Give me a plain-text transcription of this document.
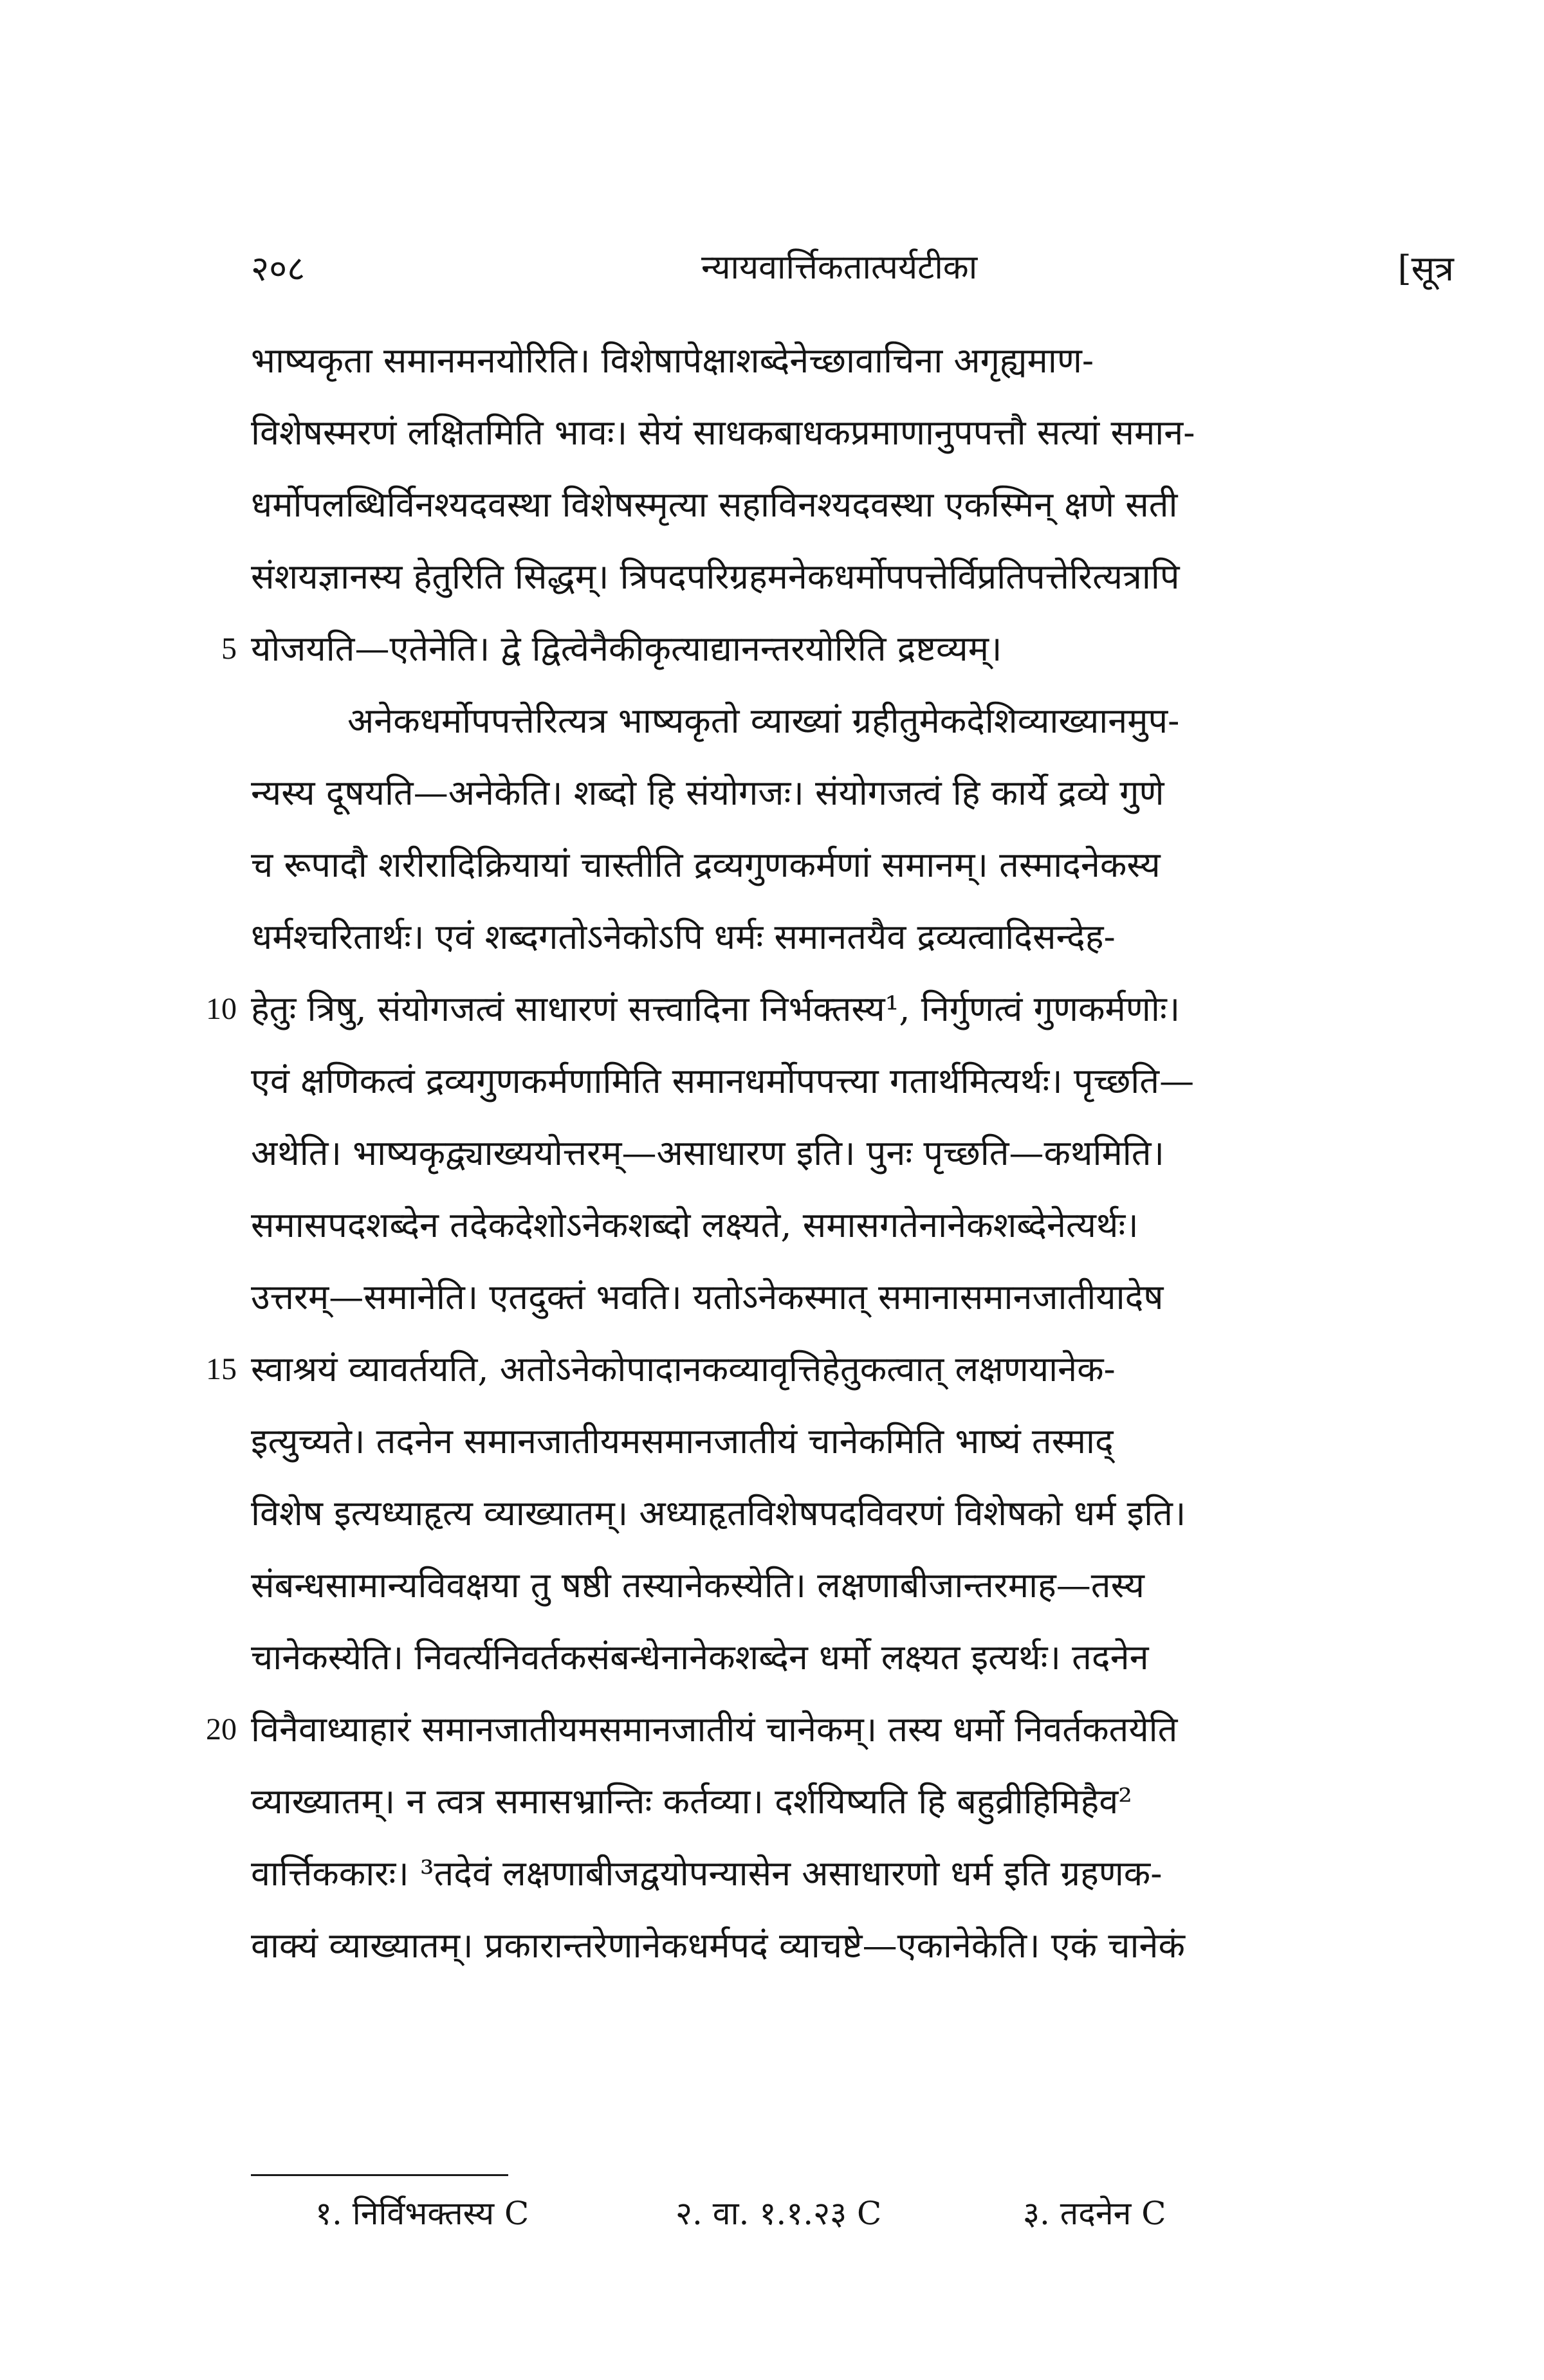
२०८	न्यायवार्त्तिकतात्पर्यटीका	[सूत्र
भाष्यकृता समानमनयोरिति। विशेषापेक्षाशब्देनेच्छावाचिना अगृह्यमाण-
विशेषस्मरणं लक्षितमिति भावः। सेयं साधकबाधकप्रमाणानुपपत्तौ सत्यां समान-
धर्मोपलब्धिर्विनश्यदवस्था विशेषस्मृत्या सहाविनश्यदवस्था एकस्मिन् क्षणे सती
संशयज्ञानस्य हेतुरिति सिद्धम्। त्रिपदपरिग्रहमनेकधर्मोपपत्तेर्विप्रतिपत्तेरित्यत्रापि
5 योजयति—एतेनेति। द्वे द्वित्वेनैकीकृत्याद्यानन्तरयोरिति द्रष्टव्यम्।
अनेकधर्मोपपत्तेरित्यत्र भाष्यकृतो व्याख्यां ग्रहीतुमेकदेशिव्याख्यानमुप-
न्यस्य दूषयति—अनेकेति। शब्दो हि संयोगजः। संयोगजत्वं हि कार्ये द्रव्ये गुणे
च रूपादौ शरीरादिक्रियायां चास्तीति द्रव्यगुणकर्मणां समानम्। तस्मादनेकस्य
धर्मश्चरितार्थः। एवं शब्दगतोऽनेकोऽपि धर्मः समानतयैव द्रव्यत्वादिसन्देह-
10 हेतुः त्रिषु, संयोगजत्वं साधारणं सत्त्वादिना निर्भक्तस्य¹, निर्गुणत्वं गुणकर्मणोः।
एवं क्षणिकत्वं द्रव्यगुणकर्मणामिति समानधर्मोपपत्त्या गतार्थमित्यर्थः। पृच्छति—
अथेति। भाष्यकृद्व्याख्ययोत्तरम्—असाधारण इति। पुनः पृच्छति—कथमिति।
समासपदशब्देन तदेकदेशोऽनेकशब्दो लक्ष्यते, समासगतेनानेकशब्देनेत्यर्थः।
उत्तरम्—समानेति। एतदुक्तं भवति। यतोऽनेकस्मात् समानासमानजातीयादेष
15 स्वाश्रयं व्यावर्तयति, अतोऽनेकोपादानकव्यावृत्तिहेतुकत्वात् लक्षणयानेक-
इत्युच्यते। तदनेन समानजातीयमसमानजातीयं चानेकमिति भाष्यं तस्माद्
विशेष इत्यध्याहृत्य व्याख्यातम्। अध्याहृतविशेषपदविवरणं विशेषको धर्म इति।
संबन्धसामान्यविवक्षया तु षष्ठी तस्यानेकस्येति। लक्षणाबीजान्तरमाह—तस्य
चानेकस्येति। निवर्त्यनिवर्तकसंबन्धेनानेकशब्देन धर्मो लक्ष्यत इत्यर्थः। तदनेन
20 विनैवाध्याहारं समानजातीयमसमानजातीयं चानेकम्। तस्य धर्मो निवर्तकतयेति
व्याख्यातम्। न त्वत्र समासभ्रान्तिः कर्तव्या। दर्शयिष्यति हि बहुव्रीहिमिहैव²
वार्त्तिककारः। ³तदेवं लक्षणाबीजद्वयोपन्यासेन असाधारणो धर्म इति ग्रहणक-
वाक्यं व्याख्यातम्। प्रकारान्तरेणानेकधर्मपदं व्याचष्टे—एकानेकेति। एकं चानेकं
१. निर्विभक्तस्य C	२. वा. १.१.२३ C	३. तदनेन C
